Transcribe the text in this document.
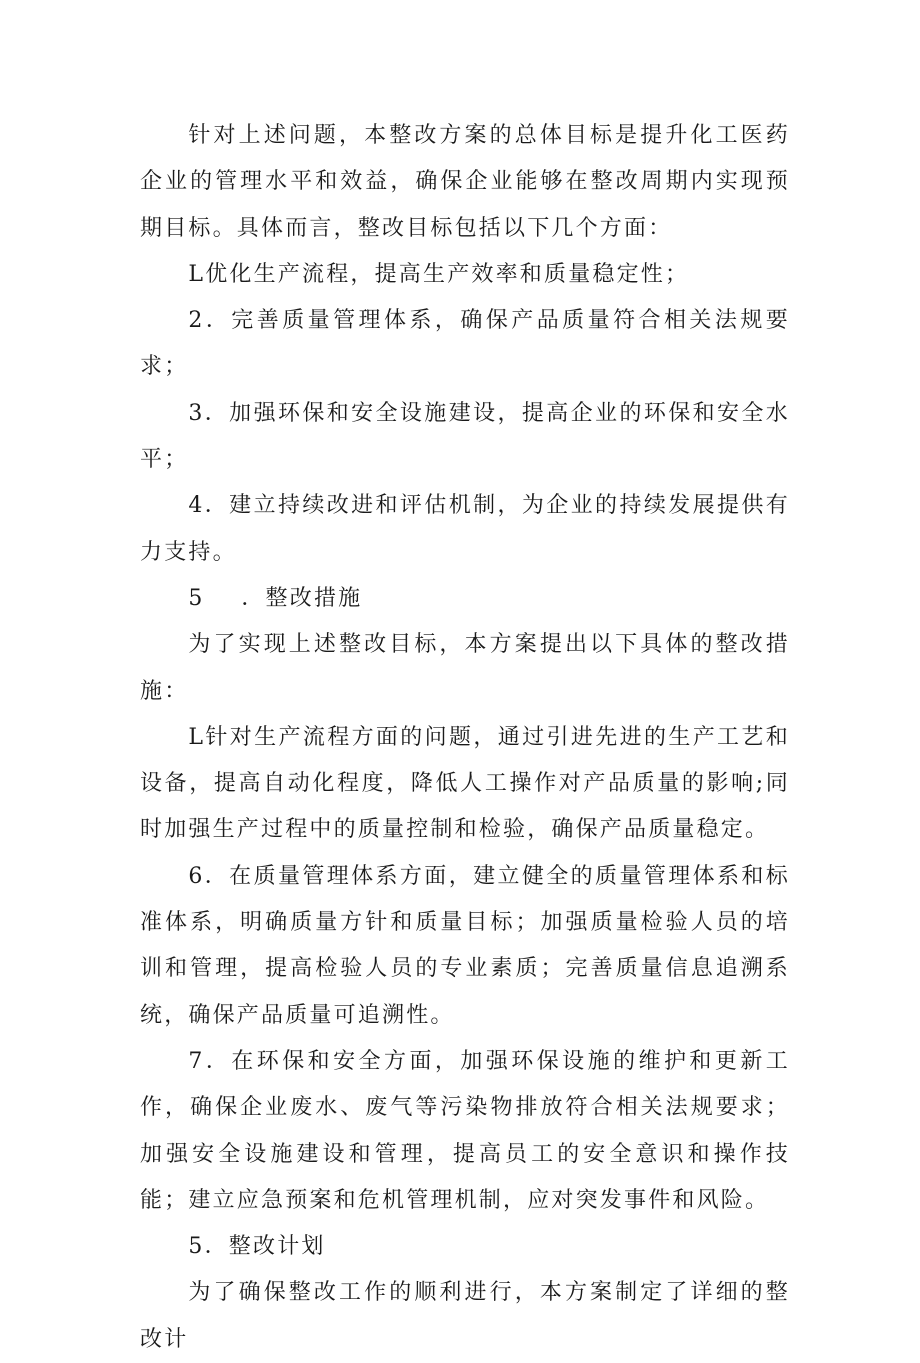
针对上述问题，本整改方案的总体目标是提升化工医药企业的管理水平和效益，确保企业能够在整改周期内实现预期目标。具体而言，整改目标包括以下几个方面：

L优化生产流程，提高生产效率和质量稳定性；

2．完善质量管理体系，确保产品质量符合相关法规要求；

3．加强环保和安全设施建设，提高企业的环保和安全水平；

4．建立持续改进和评估机制，为企业的持续发展提供有力支持。

5    ．整改措施

为了实现上述整改目标，本方案提出以下具体的整改措施：

L针对生产流程方面的问题，通过引进先进的生产工艺和设备，提高自动化程度，降低人工操作对产品质量的影响;同时加强生产过程中的质量控制和检验，确保产品质量稳定。

6．在质量管理体系方面，建立健全的质量管理体系和标准体系，明确质量方针和质量目标；加强质量检验人员的培训和管理，提高检验人员的专业素质；完善质量信息追溯系统，确保产品质量可追溯性。

7．在环保和安全方面，加强环保设施的维护和更新工作，确保企业废水、废气等污染物排放符合相关法规要求；加强安全设施建设和管理，提高员工的安全意识和操作技能；建立应急预案和危机管理机制，应对突发事件和风险。

5．整改计划

为了确保整改工作的顺利进行，本方案制定了详细的整改计
